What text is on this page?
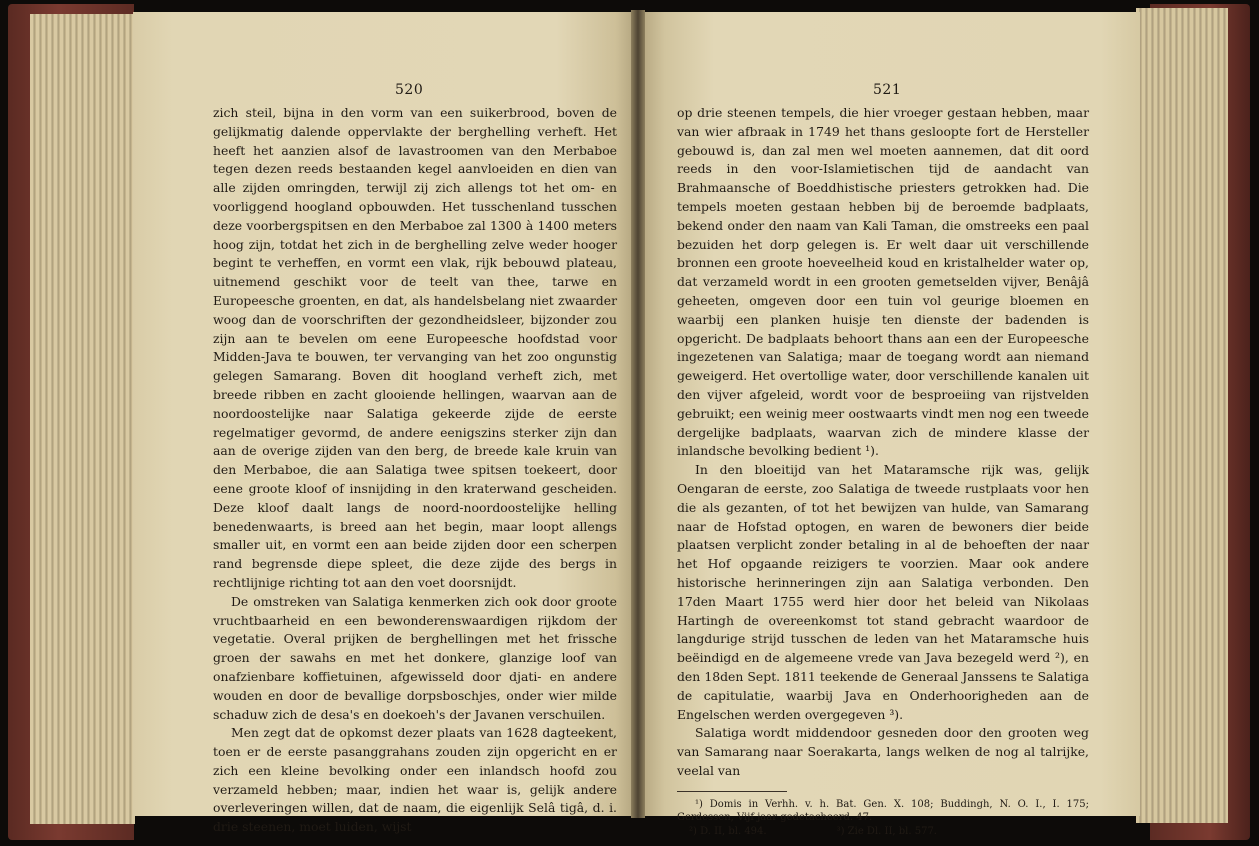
520

zich steil, bijna in den vorm van een suikerbrood, boven de gelijkmatig dalende oppervlakte der berghelling verheft. Het heeft het aanzien alsof de lavastroomen van den Merbaboe tegen dezen reeds bestaanden kegel aanvloeiden en dien van alle zijden omringden, terwijl zij zich allengs tot het om- en voorliggend hoogland opbouwden. Het tusschenland tusschen deze voorbergspitsen en den Merbaboe zal 1300 à 1400 meters hoog zijn, totdat het zich in de berghelling zelve weder hooger begint te verheffen, en vormt een vlak, rijk bebouwd plateau, uitnemend geschikt voor de teelt van thee, tarwe en Europeesche groenten, en dat, als handelsbelang niet zwaarder woog dan de voorschriften der gezondheidsleer, bijzonder zou zijn aan te bevelen om eene Europeesche hoofdstad voor Midden-Java te bouwen, ter vervanging van het zoo ongunstig gelegen Samarang. Boven dit hoogland verheft zich, met breede ribben en zacht glooiende hellingen, waarvan aan de noordoostelijke naar Salatiga gekeerde zijde de eerste regelmatiger gevormd, de andere eenigszins sterker zijn dan aan de overige zijden van den berg, de breede kale kruin van den Merbaboe, die aan Salatiga twee spitsen toekeert, door eene groote kloof of insnijding in den kraterwand gescheiden. Deze kloof daalt langs de noord-noordoostelijke helling benedenwaarts, is breed aan het begin, maar loopt allengs smaller uit, en vormt een aan beide zijden door een scherpen rand begrensde diepe spleet, die deze zijde des bergs in rechtlijnige richting tot aan den voet doorsnijdt.

De omstreken van Salatiga kenmerken zich ook door groote vruchtbaarheid en een bewonderenswaardigen rijkdom der vegetatie. Overal prijken de berghellingen met het frissche groen der sawahs en met het donkere, glanzige loof van onafzienbare koffietuinen, afgewisseld door djati- en andere wouden en door de bevallige dorpsboschjes, onder wier milde schaduw zich de desa's en doekoeh's der Javanen verschuilen.

Men zegt dat de opkomst dezer plaats van 1628 dagteekent, toen er de eerste pasanggrahans zouden zijn opgericht en er zich een kleine bevolking onder een inlandsch hoofd zou verzameld hebben; maar, indien het waar is, gelijk andere overleveringen willen, dat de naam, die eigenlijk Selâ tigâ, d. i. drie steenen, moet luiden, wijst

521

op drie steenen tempels, die hier vroeger gestaan hebben, maar van wier afbraak in 1749 het thans gesloopte fort de Hersteller gebouwd is, dan zal men wel moeten aannemen, dat dit oord reeds in den voor-Islamietischen tijd de aandacht van Brahmaansche of Boeddhistische priesters getrokken had. Die tempels moeten gestaan hebben bij de beroemde badplaats, bekend onder den naam van Kali Taman, die omstreeks een paal bezuiden het dorp gelegen is. Er welt daar uit verschillende bronnen een groote hoeveelheid koud en kristalhelder water op, dat verzameld wordt in een grooten gemetselden vijver, Benâjâ geheeten, omgeven door een tuin vol geurige bloemen en waarbij een planken huisje ten dienste der badenden is opgericht. De badplaats behoort thans aan een der Europeesche ingezetenen van Salatiga; maar de toegang wordt aan niemand geweigerd. Het overtollige water, door verschillende kanalen uit den vijver afgeleid, wordt voor de besproeiing van rijstvelden gebruikt; een weinig meer oostwaarts vindt men nog een tweede dergelijke badplaats, waarvan zich de mindere klasse der inlandsche bevolking bedient ¹).

In den bloeitijd van het Mataramsche rijk was, gelijk Oengaran de eerste, zoo Salatiga de tweede rustplaats voor hen die als gezanten, of tot het bewijzen van hulde, van Samarang naar de Hofstad optogen, en waren de bewoners dier beide plaatsen verplicht zonder betaling in al de behoeften der naar het Hof opgaande reizigers te voorzien. Maar ook andere historische herinneringen zijn aan Salatiga verbonden. Den 17den Maart 1755 werd hier door het beleid van Nikolaas Hartingh de overeenkomst tot stand gebracht waardoor de langdurige strijd tusschen de leden van het Mataramsche huis beëindigd en de algemeene vrede van Java bezegeld werd ²), en den 18den Sept. 1811 teekende de Generaal Janssens te Salatiga de capitulatie, waarbij Java en Onderhoorigheden aan de Engelschen werden overgegeven ³).

Salatiga wordt middendoor gesneden door den grooten weg van Samarang naar Soerakarta, langs welken de nog al talrijke, veelal van

¹) Domis in Verhh. v. h. Bat. Gen. X. 108; Buddingh, N. O. I., I. 175; Gerdessen, Vijf jaar gedetacheerd. 47.

²) D. II, bl. 494.	³) Zie Dl. II, bl. 577.
